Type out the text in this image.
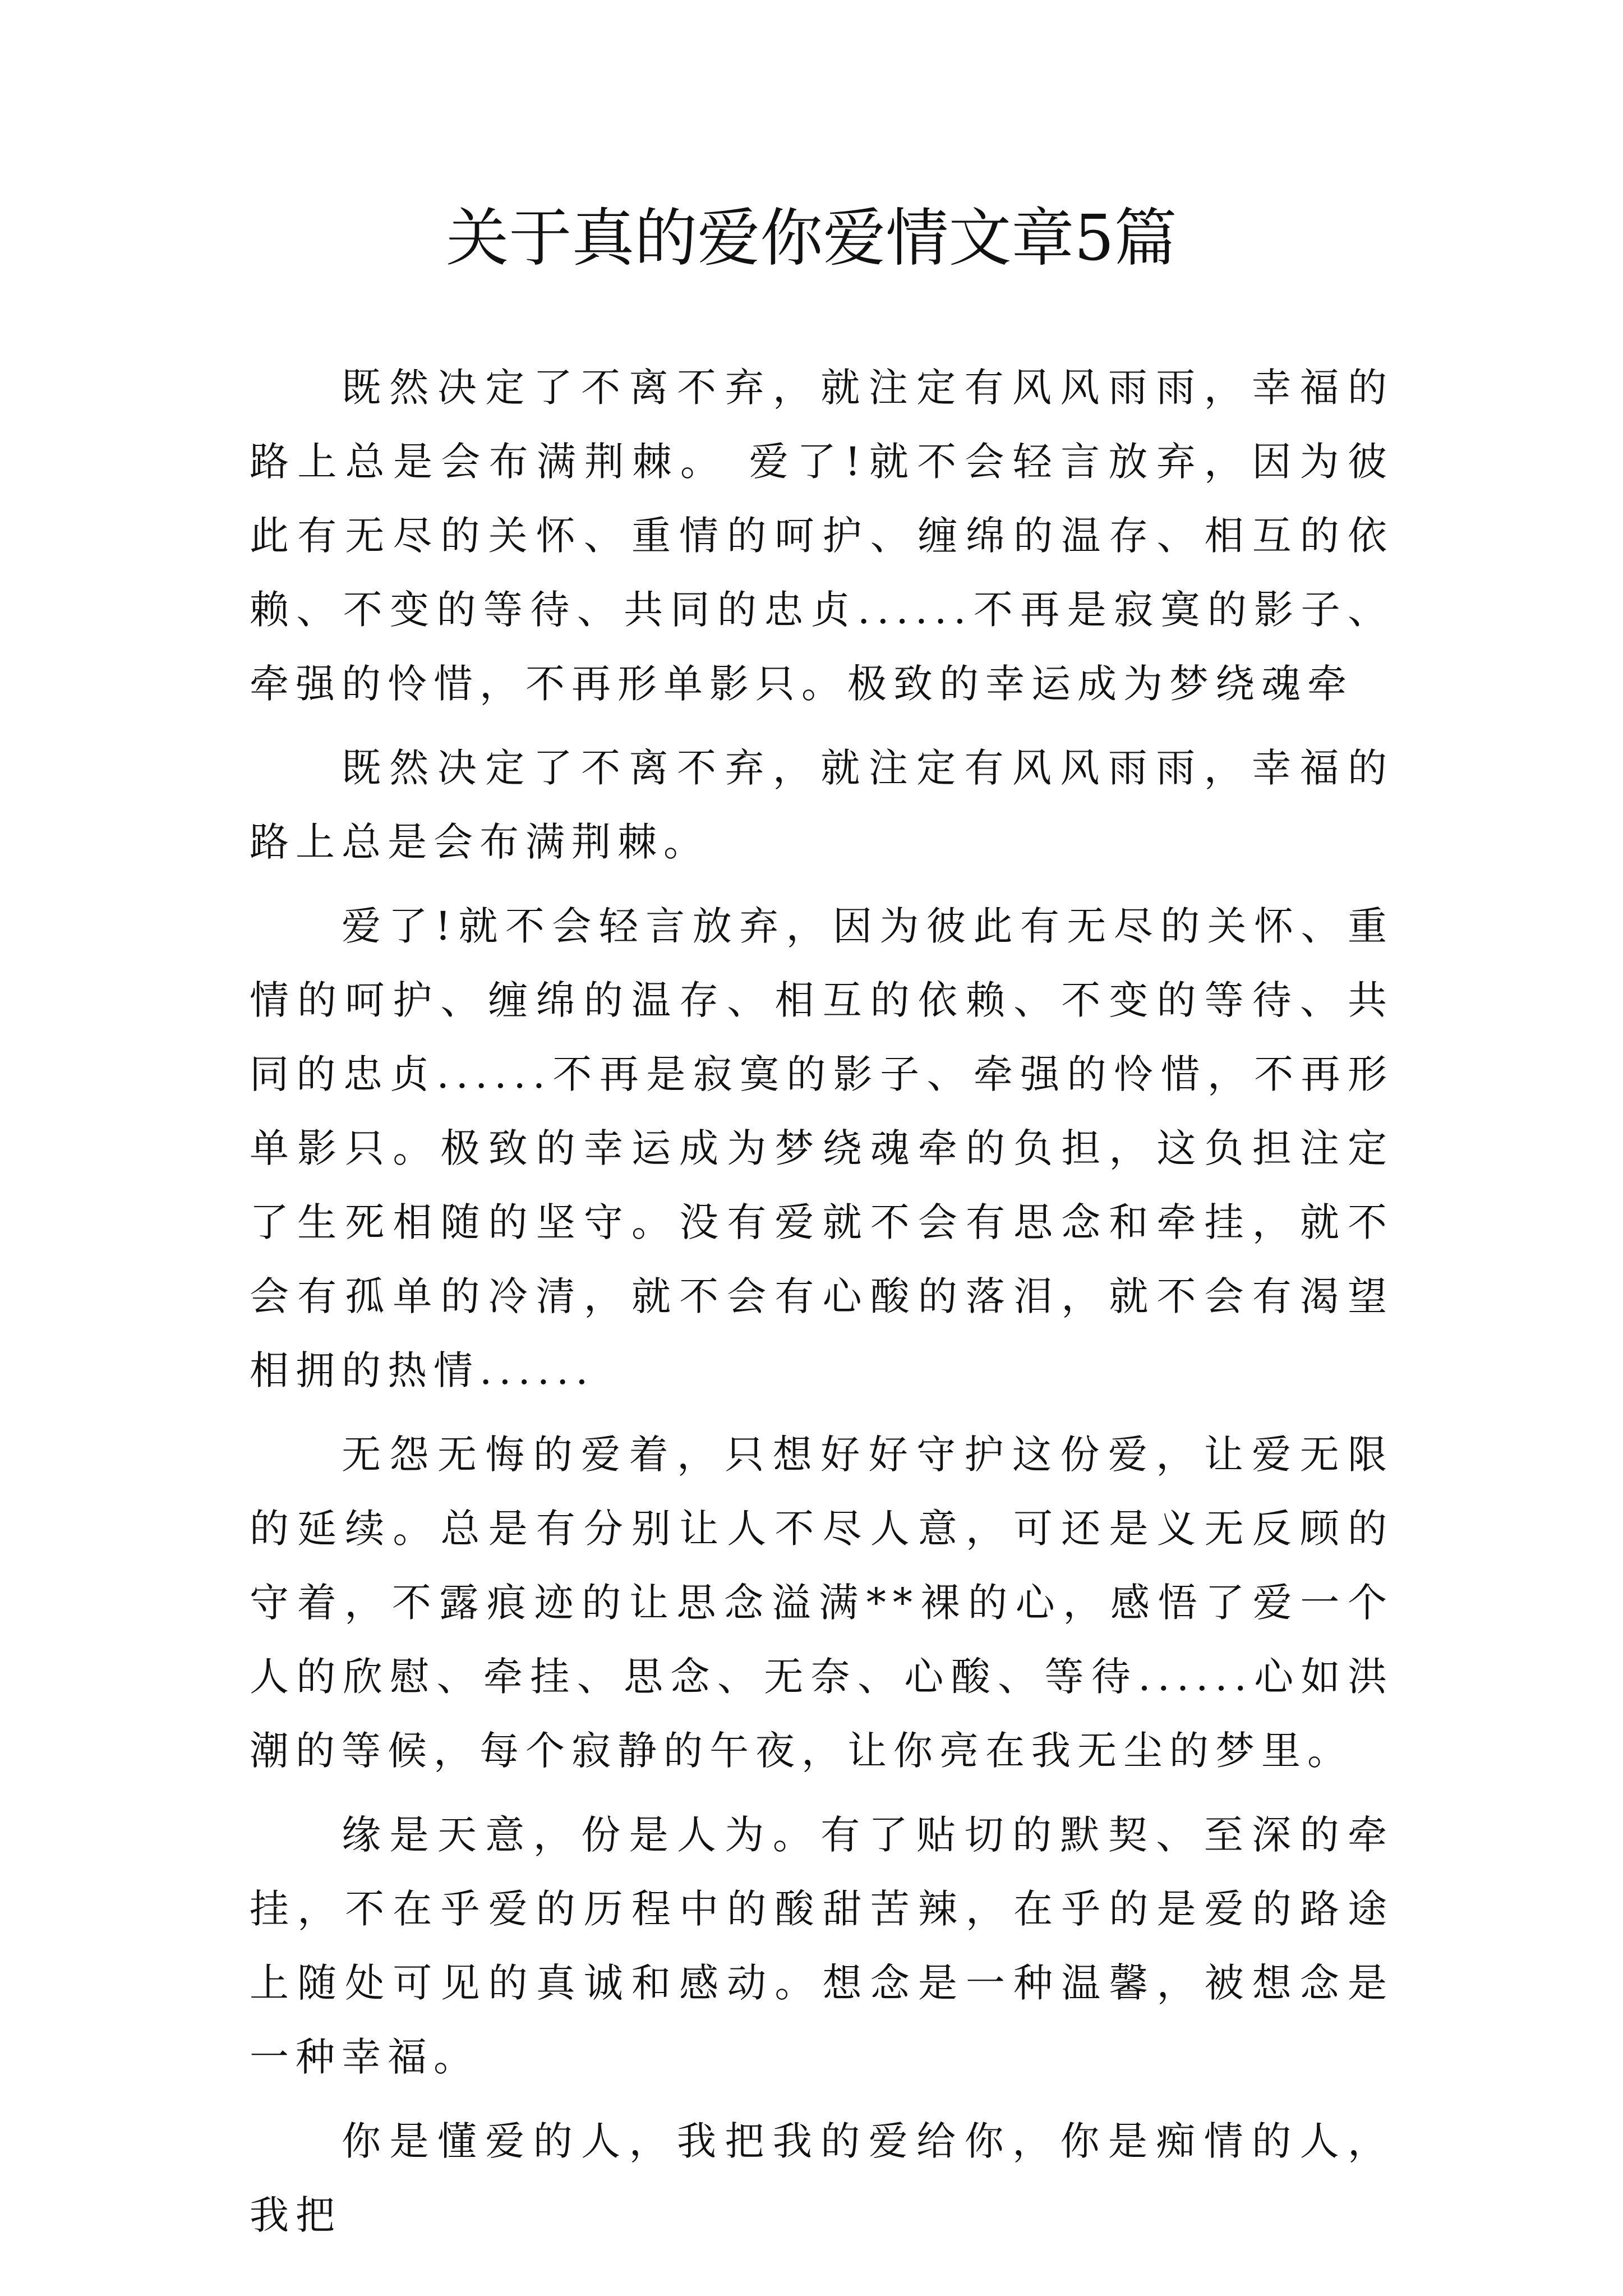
关于真的爱你爱情文章5篇

既然决定了不离不弃，就注定有风风雨雨，幸福的路上总是会布满荆棘。 爱了!就不会轻言放弃，因为彼此有无尽的关怀、重情的呵护、缠绵的温存、相互的依赖、不变的等待、共同的忠贞......不再是寂寞的影子、牵强的怜惜，不再形单影只。极致的幸运成为梦绕魂牵

既然决定了不离不弃，就注定有风风雨雨，幸福的路上总是会布满荆棘。

爱了!就不会轻言放弃，因为彼此有无尽的关怀、重情的呵护、缠绵的温存、相互的依赖、不变的等待、共同的忠贞......不再是寂寞的影子、牵强的怜惜，不再形单影只。极致的幸运成为梦绕魂牵的负担，这负担注定了生死相随的坚守。没有爱就不会有思念和牵挂，就不会有孤单的冷清，就不会有心酸的落泪，就不会有渴望相拥的热情......

无怨无悔的爱着，只想好好守护这份爱，让爱无限的延续。总是有分别让人不尽人意，可还是义无反顾的守着，不露痕迹的让思念溢满**裸的心，感悟了爱一个人的欣慰、牵挂、思念、无奈、心酸、等待......心如洪潮的等候，每个寂静的午夜，让你亮在我无尘的梦里。

缘是天意，份是人为。有了贴切的默契、至深的牵挂，不在乎爱的历程中的酸甜苦辣，在乎的是爱的路途上随处可见的真诚和感动。想念是一种温馨，被想念是一种幸福。

你是懂爱的人，我把我的爱给你，你是痴情的人，我把
